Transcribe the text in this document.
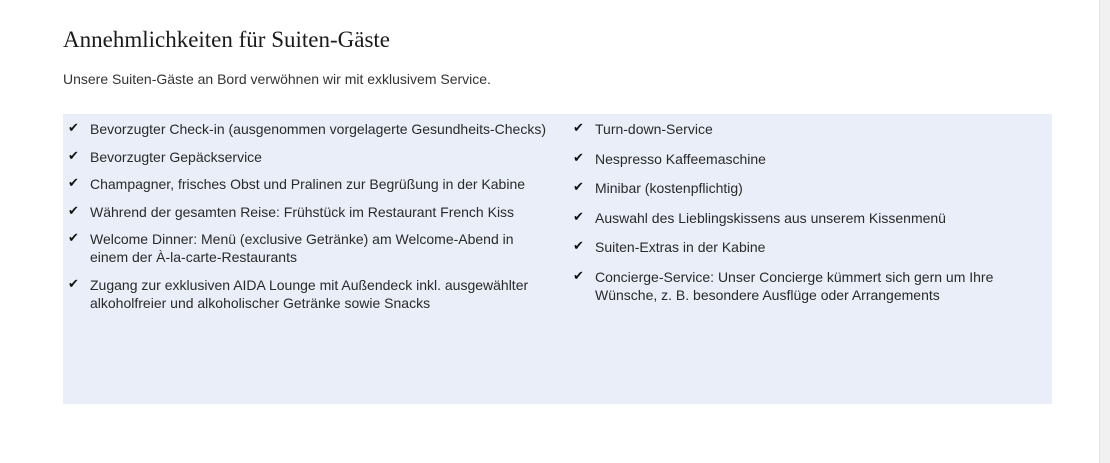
Annehmlichkeiten für Suiten-Gäste

Unsere Suiten-Gäste an Bord verwöhnen wir mit exklusivem Service.

✔ Bevorzugter Check-in (ausgenommen vorgelagerte Gesundheits-Checks)
✔ Bevorzugter Gepäckservice
✔ Champagner, frisches Obst und Pralinen zur Begrüßung in der Kabine
✔ Während der gesamten Reise: Frühstück im Restaurant French Kiss
✔ Welcome Dinner: Menü (exclusive Getränke) am Welcome-Abend in einem der À-la-carte-Restaurants
✔ Zugang zur exklusiven AIDA Lounge mit Außendeck inkl. ausgewählter alkoholfreier und alkoholischer Getränke sowie Snacks
✔ Turn-down-Service
✔ Nespresso Kaffeemaschine
✔ Minibar (kostenpflichtig)
✔ Auswahl des Lieblingskissens aus unserem Kissenmenü
✔ Suiten-Extras in der Kabine
✔ Concierge-Service: Unser Concierge kümmert sich gern um Ihre Wünsche, z. B. besondere Ausflüge oder Arrangements
